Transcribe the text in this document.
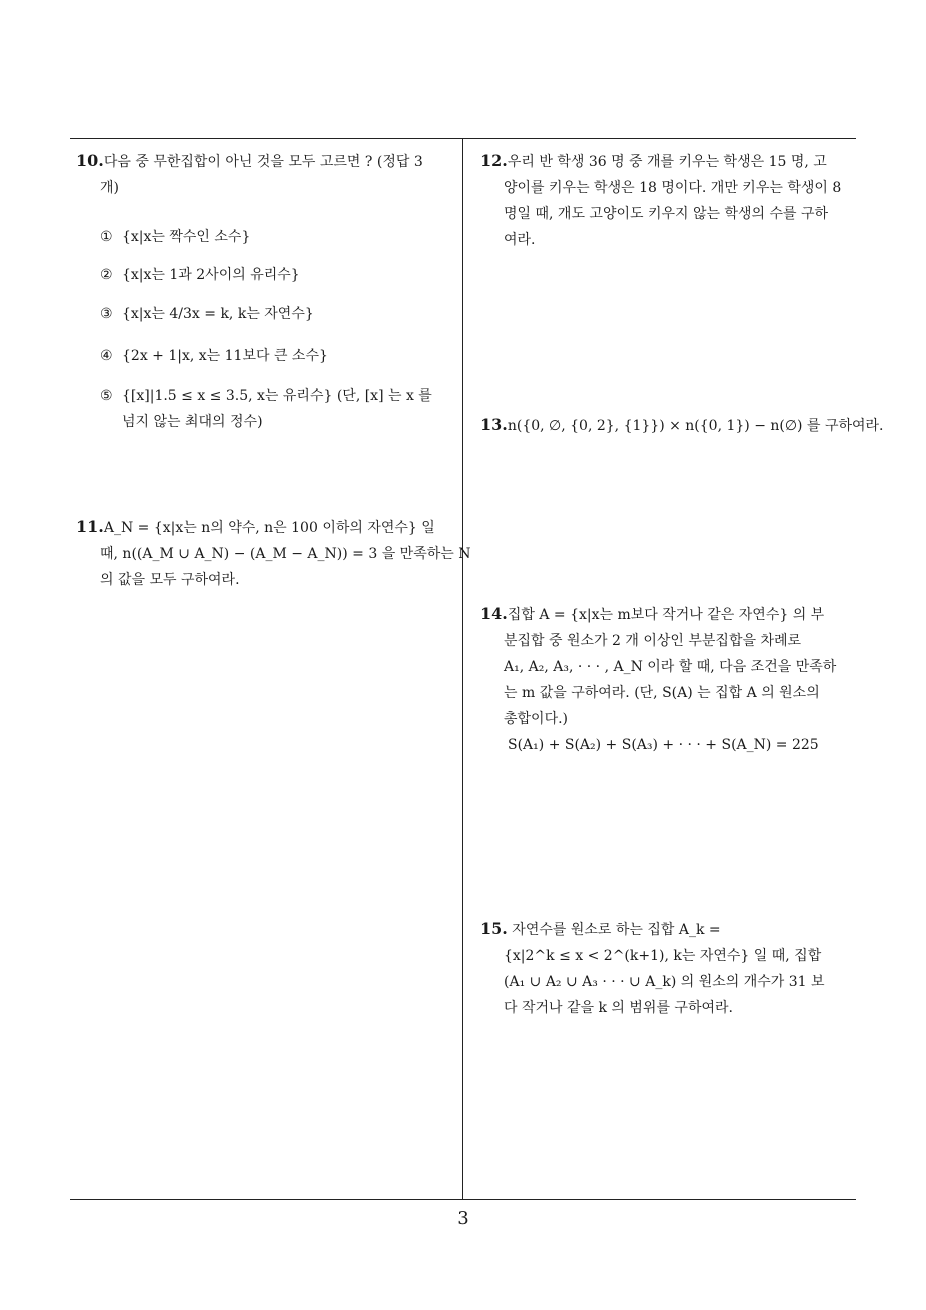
10.다음 중 무한집합이 아닌 것을 모두 고르면 ? (정답 3
개)
① {x|x는 짝수인 소수}
② {x|x는 1과 2사이의 유리수}
③ {x|x는 4/3x = k, k는 자연수}
④ {2x + 1|x, x는 11보다 큰 소수}
⑤ {[x]|1.5 ≤ x ≤ 3.5, x는 유리수} (단, [x] 는 x 를
넘지 않는 최대의 정수)
11.A_N = {x|x는 n의 약수, n은 100 이하의 자연수} 일
때, n((A_M ∪ A_N) − (A_M − A_N)) = 3 을 만족하는 N
의 값을 모두 구하여라.
12.우리 반 학생 36 명 중 개를 키우는 학생은 15 명, 고
양이를 키우는 학생은 18 명이다. 개만 키우는 학생이 8
명일 때, 개도 고양이도 키우지 않는 학생의 수를 구하
여라.
13.n({0, ∅, {0, 2}, {1}}) × n({0, 1}) − n(∅) 를 구하여라.
14.집합 A = {x|x는 m보다 작거나 같은 자연수} 의 부
분집합 중 원소가 2 개 이상인 부분집합을 차례로
A₁, A₂, A₃, · · · , A_N 이라 할 때, 다음 조건을 만족하
는 m 값을 구하여라. (단, S(A) 는 집합 A 의 원소의
총합이다.)
S(A₁) + S(A₂) + S(A₃) + · · · + S(A_N) = 225
15. 자연수를 원소로 하는 집합 A_k =
{x|2^k ≤ x < 2^(k+1), k는 자연수} 일 때, 집합
(A₁ ∪ A₂ ∪ A₃ · · · ∪ A_k) 의 원소의 개수가 31 보
다 작거나 같을 k 의 범위를 구하여라.
3
